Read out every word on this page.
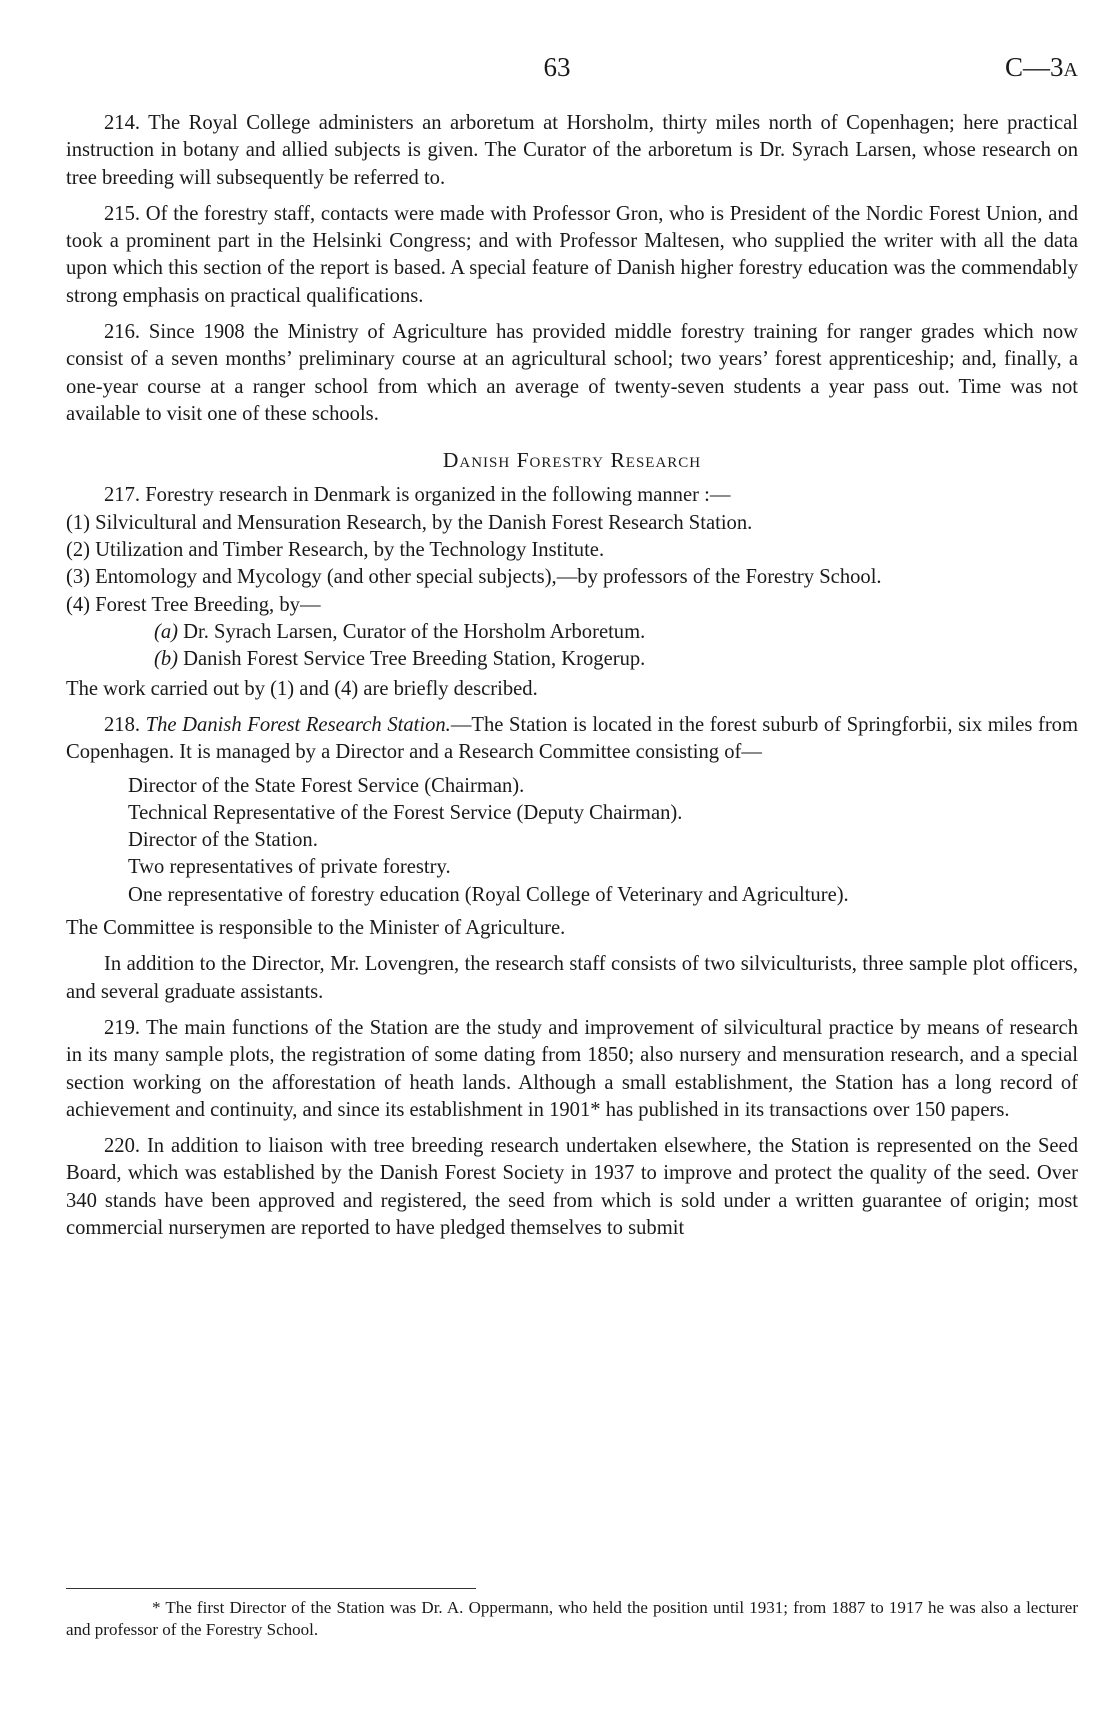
63	C—3A

214. The Royal College administers an arboretum at Horsholm, thirty miles north of Copenhagen; here practical instruction in botany and allied subjects is given. The Curator of the arboretum is Dr. Syrach Larsen, whose research on tree breeding will subsequently be referred to.

215. Of the forestry staff, contacts were made with Professor Gron, who is President of the Nordic Forest Union, and took a prominent part in the Helsinki Congress; and with Professor Maltesen, who supplied the writer with all the data upon which this section of the report is based. A special feature of Danish higher forestry education was the commendably strong emphasis on practical qualifications.

216. Since 1908 the Ministry of Agriculture has provided middle forestry training for ranger grades which now consist of a seven months’ preliminary course at an agricultural school; two years’ forest apprenticeship; and, finally, a one-year course at a ranger school from which an average of twenty-seven students a year pass out. Time was not available to visit one of these schools.

Danish Forestry Research

217. Forestry research in Denmark is organized in the following manner :—

(1) Silvicultural and Mensuration Research, by the Danish Forest Research Station.

(2) Utilization and Timber Research, by the Technology Institute.

(3) Entomology and Mycology (and other special subjects),—by professors of the Forestry School.

(4) Forest Tree Breeding, by—

(a) Dr. Syrach Larsen, Curator of the Horsholm Arboretum.

(b) Danish Forest Service Tree Breeding Station, Krogerup.

The work carried out by (1) and (4) are briefly described.

218. The Danish Forest Research Station.—The Station is located in the forest suburb of Springforbii, six miles from Copenhagen. It is managed by a Director and a Research Committee consisting of—

Director of the State Forest Service (Chairman).

Technical Representative of the Forest Service (Deputy Chairman).

Director of the Station.

Two representatives of private forestry.

One representative of forestry education (Royal College of Veterinary and Agriculture).

The Committee is responsible to the Minister of Agriculture.

In addition to the Director, Mr. Lovengren, the research staff consists of two silviculturists, three sample plot officers, and several graduate assistants.

219. The main functions of the Station are the study and improvement of silvicultural practice by means of research in its many sample plots, the registration of some dating from 1850; also nursery and mensuration research, and a special section working on the afforestation of heath lands. Although a small establishment, the Station has a long record of achievement and continuity, and since its establishment in 1901* has published in its transactions over 150 papers.

220. In addition to liaison with tree breeding research undertaken elsewhere, the Station is represented on the Seed Board, which was established by the Danish Forest Society in 1937 to improve and protect the quality of the seed. Over 340 stands have been approved and registered, the seed from which is sold under a written guarantee of origin; most commercial nurserymen are reported to have pledged themselves to submit

* The first Director of the Station was Dr. A. Oppermann, who held the position until 1931; from 1887 to 1917 he was also a lecturer and professor of the Forestry School.
